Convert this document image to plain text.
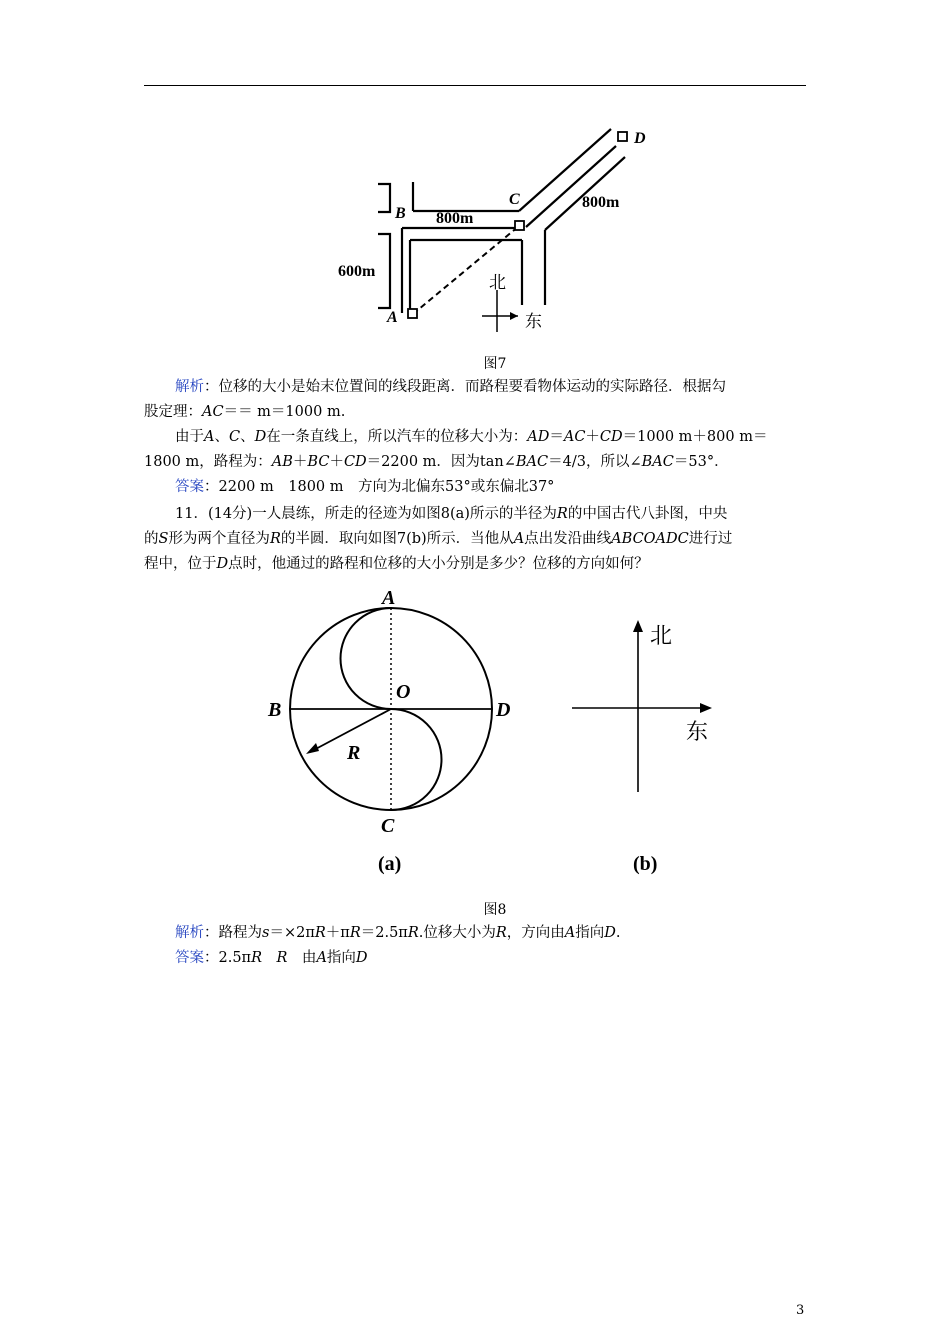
A
B
C
D
600m
800m
800m
北
东
图7
解析：位移的大小是始末位置间的线段距离．而路程要看物体运动的实际路径．根据勾
股定理：AC＝＝ m＝1000 m.
由于A、C、D在一条直线上，所以汽车的位移大小为：AD＝AC＋CD＝1000 m＋800 m＝
1800 m，路程为：AB＋BC＋CD＝2200 m．因为tan∠BAC＝4/3，所以∠BAC＝53°．
答案：2200 m　1800 m　方向为北偏东53°或东偏北37°
11．(14分)一人晨练，所走的径迹为如图8(a)所示的半径为R的中国古代八卦图，中央
的S形为两个直径为R的半圆．取向如图7(b)所示．当他从A点出发沿曲线ABCOADC进行过
程中，位于D点时，他通过的路程和位移的大小分别是多少？位移的方向如何？
A
B
C
D
O
R
(a)	(b)
北
东
图8
解析：路程为s＝×2πR＋πR＝2.5πR.位移大小为R，方向由A指向D.
答案：2.5πR　 R　由A指向D
3
